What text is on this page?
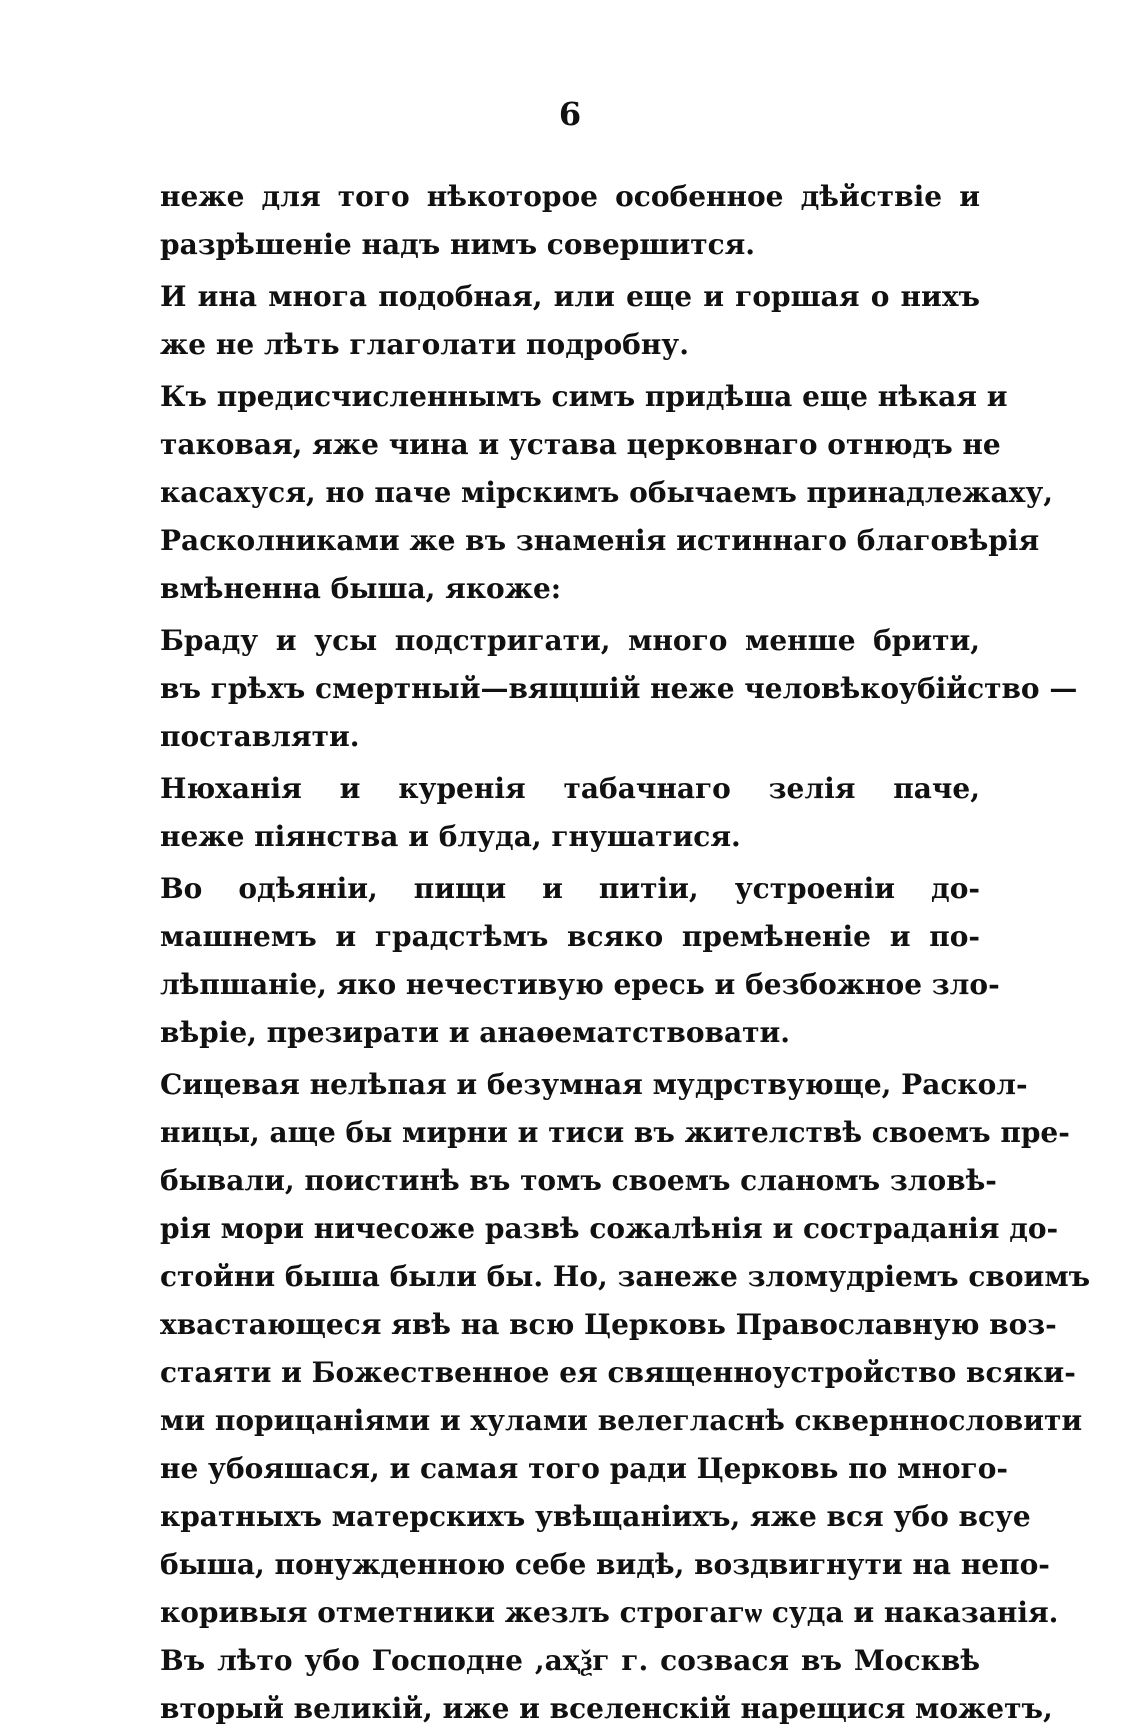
6
неже для того нѣкоторое особенное дѣйствіе и
разрѣшеніе надъ нимъ совершится.
И ина многа подобная, или еще и горшая о нихъ
же не лѣть глаголати подробну.
Къ предисчисленнымъ симъ придѣша еще нѣкая и
таковая, яже чина и устава церковнаго отнюдъ не
касахуся, но паче мірскимъ обычаемъ принадлежаху,
Расколниками же въ знаменія истиннаго благовѣрія
вмѣненна быша, якоже:
Браду и усы подстригати, много менше брити,
въ грѣхъ смертный—вящшій неже человѣкоубійство —
поставляти.
Нюханія и куренія табачнаго зелія паче,
неже піянства и блуда, гнушатися.
Во одѣяніи, пищи и питіи, устроеніи до-
машнемъ и градстѣмъ всяко премѣненіе и по-
лѣпшаніе, яко нечестивую ересь и безбожное зло-
вѣріе, презирати и анаѳематствовати.
Сицевая нелѣпая и безумная мудрствующе, Раскол-
ницы, аще бы мирни и тиси въ жителствѣ своемъ пре-
бывали, поистинѣ въ томъ своемъ сланомъ зловѣ-
рія мори ничесоже развѣ сожалѣнія и состраданія до-
стойни быша были бы. Но, занеже зломудріемъ своимъ
хвастающеся явѣ на всю Церковь Православную воз-
стаяти и Божественное ея священноустройство всяки-
ми порицаніями и хулами велегласнѣ скверннословити
не убояшася, и самая того ради Церковь по много-
кратныхъ матерскихъ увѣщаніихъ, яже вся убо всуе
быша, понужденною себе видѣ, воздвигнути на непо-
коривыя отметники жезлъ строгагѡ суда и наказанія.
Въ лѣто убо Господне ,аҳѯг г. созвася въ Москвѣ
вторый великій, иже и вселенскій нарещися можетъ,
